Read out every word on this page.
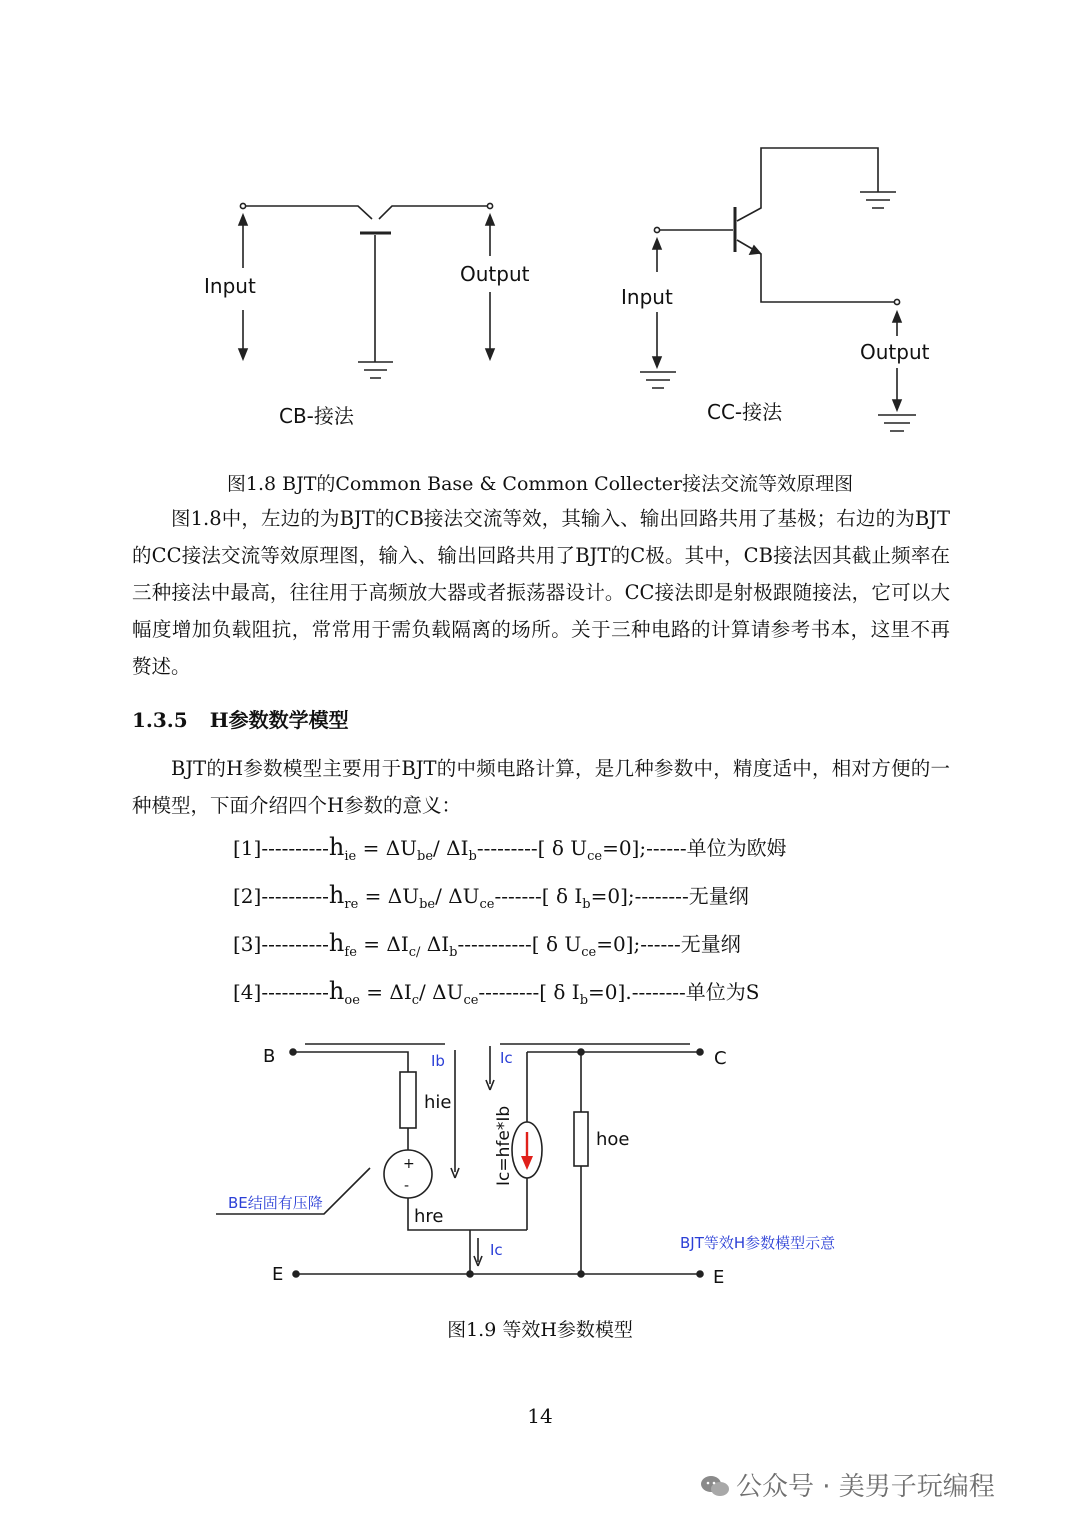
Input	Output
CB-接法
Input
Output
CC-接法
图1.8 BJT的Common Base & Common Collecter接法交流等效原理图

图1.8中，左边的为BJT的CB接法交流等效，其输入、输出回路共用了基极；右边的为BJT的CC接法交流等效原理图，输入、输出回路共用了BJT的C极。其中，CB接法因其截止频率在三种接法中最高，往往用于高频放大器或者振荡器设计。CC接法即是射极跟随接法，它可以大幅度增加负载阻抗，常常用于需负载隔离的场所。关于三种电路的计算请参考书本，这里不再赘述。

1.3.5 H参数数学模型

BJT的H参数模型主要用于BJT的中频电路计算，是几种参数中，精度适中，相对方便的一种模型，下面介绍四个H参数的意义：

$[1]----------h_{ie} = \Delta U_{be}/$ $\Delta I_b---------$[ δ $U_{ce}=0];------$单位为欧姆
$[2]----------h_{re} = \Delta U_{be}/$ $\Delta U_{ce}-------$[ δ $I_b=0];--------$无量纲
$[3]----------h_{fe} = \Delta I_{c/}$ $\Delta I_b-----------$[ δ $U_{ce}=0];------$无量纲
$[4]----------h_{oe} = \Delta I_c/$ $\Delta U_{ce}---------$[ δ $I_b=0].--------$单位为S
B	C
E	E
hie
hoe
hre
+
-	Ic=hfe*Ib
Ib	Ic
Ic
BE结固有压降
BJT等效H参数模型示意
图1.9 等效H参数模型
14
公众号 · 美男子玩编程
